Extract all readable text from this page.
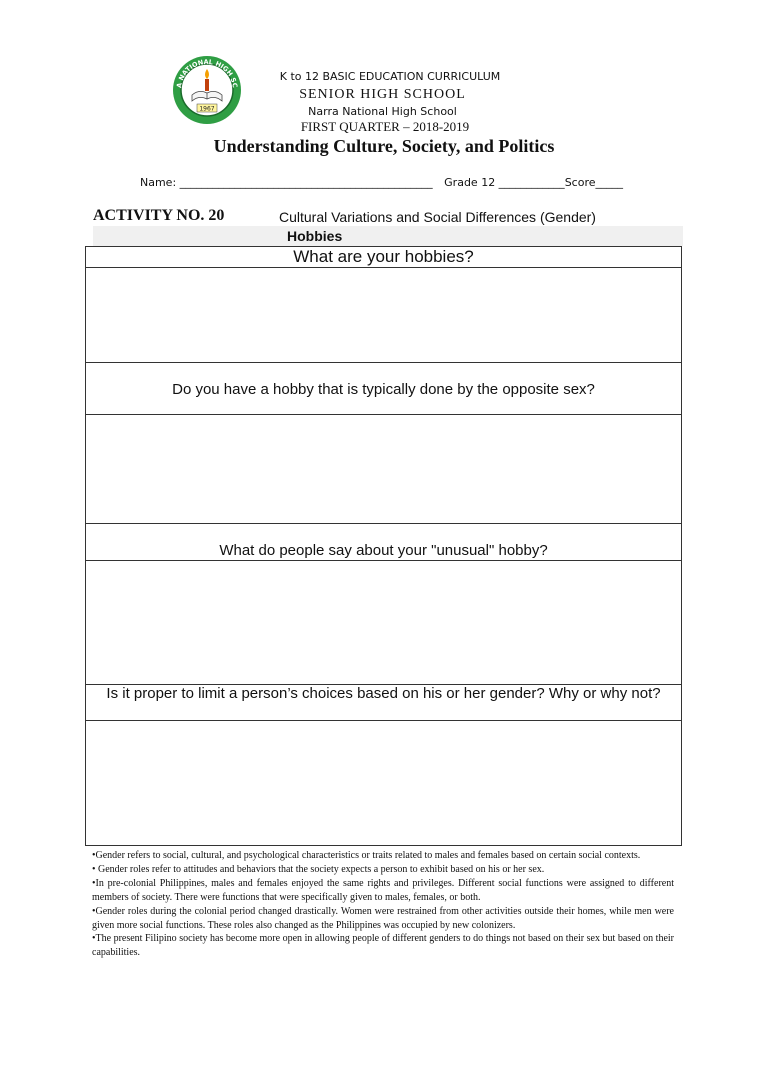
A NATIONAL HIGH SC
1967
K to 12 BASIC EDUCATION CURRICULUM
SENIOR HIGH SCHOOL
Narra National High School
FIRST QUARTER – 2018-2019
Understanding Culture, Society, and Politics
Name: ______________________________________________ Grade 12 ____________Score_____
ACTIVITY NO. 20	Cultural Variations and Social Differences (Gender)
Hobbies
What are your hobbies?
Do you have a hobby that is typically done by the opposite sex?
What do people say about your "unusual" hobby?
Is it proper to limit a person’s choices based on his or her gender? Why or why not?

•Gender refers to social, cultural, and psychological characteristics or traits related to males and females based on certain social contexts.

• Gender roles refer to attitudes and behaviors that the society expects a person to exhibit based on his or her sex.

•In pre-colonial Philippines, males and females enjoyed the same rights and privileges. Different social functions were assigned to different members of society. There were functions that were specifically given to males, females, or both.

•Gender roles during the colonial period changed drastically. Women were restrained from other activities outside their homes, while men were given more social functions. These roles also changed as the Philippines was occupied by new colonizers.

•The present Filipino society has become more open in allowing people of different genders to do things not based on their sex but based on their capabilities.
